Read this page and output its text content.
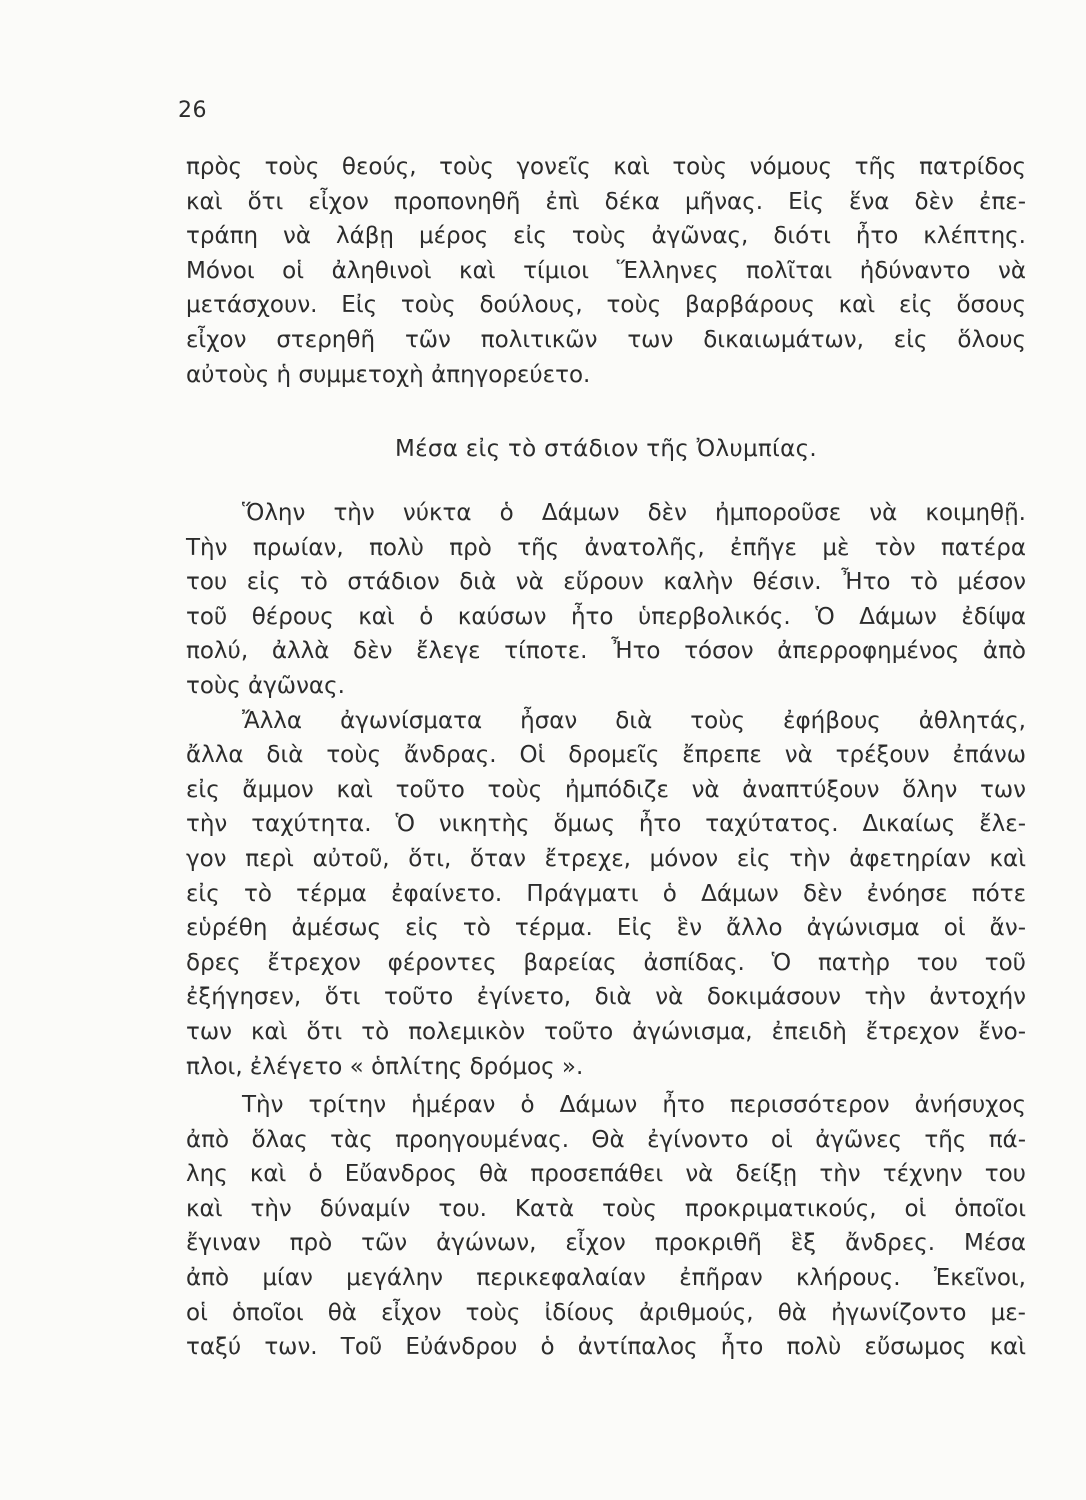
26
πρὸς τοὺς θεούς, τοὺς γονεῖς καὶ τοὺς νόμους τῆς πατρίδος
καὶ ὅτι εἶχον προπονηθῆ ἐπὶ δέκα μῆνας. Εἰς ἕνα δὲν ἐπε-
τράπη νὰ λάβῃ μέρος εἰς τοὺς ἀγῶνας, διότι ἦτο κλέπτης.
Μόνοι οἱ ἀληθινοὶ καὶ τίμιοι Ἕλληνες πολῖται ἠδύναντο νὰ
μετάσχουν. Εἰς τοὺς δούλους, τοὺς βαρβάρους καὶ εἰς ὅσους
εἶχον στερηθῆ τῶν πολιτικῶν των δικαιωμάτων, εἰς ὅλους
αὐτοὺς ἡ συμμετοχὴ ἀπηγορεύετο.
Μέσα εἰς τὸ στάδιον τῆς Ὀλυμπίας.
Ὅλην τὴν νύκτα ὁ Δάμων δὲν ἠμποροῦσε νὰ κοιμηθῇ.
Τὴν πρωίαν, πολὺ πρὸ τῆς ἀνατολῆς, ἐπῆγε μὲ τὸν πατέρα
του εἰς τὸ στάδιον διὰ νὰ εὕρουν καλὴν θέσιν. Ἦτο τὸ μέσον
τοῦ θέρους καὶ ὁ καύσων ἦτο ὑπερβολικός. Ὁ Δάμων ἐδίψα
πολύ, ἀλλὰ δὲν ἔλεγε τίποτε. Ἦτο τόσον ἀπερροφημένος ἀπὸ
τοὺς ἀγῶνας.
Ἄλλα ἀγωνίσματα ἦσαν διὰ τοὺς ἐφήβους ἀθλητάς,
ἄλλα διὰ τοὺς ἄνδρας. Οἱ δρομεῖς ἔπρεπε νὰ τρέξουν ἐπάνω
εἰς ἄμμον καὶ τοῦτο τοὺς ἠμπόδιζε νὰ ἀναπτύξουν ὅλην των
τὴν ταχύτητα. Ὁ νικητὴς ὅμως ἦτο ταχύτατος. Δικαίως ἔλε-
γον περὶ αὐτοῦ, ὅτι, ὅταν ἔτρεχε, μόνον εἰς τὴν ἀφετηρίαν καὶ
εἰς τὸ τέρμα ἐφαίνετο. Πράγματι ὁ Δάμων δὲν ἐνόησε πότε
εὑρέθη ἀμέσως εἰς τὸ τέρμα. Εἰς ἓν ἄλλο ἀγώνισμα οἱ ἄν-
δρες ἔτρεχον φέροντες βαρείας ἀσπίδας. Ὁ πατὴρ του τοῦ
ἐξήγησεν, ὅτι τοῦτο ἐγίνετο, διὰ νὰ δοκιμάσουν τὴν ἀντοχήν
των καὶ ὅτι τὸ πολεμικὸν τοῦτο ἀγώνισμα, ἐπειδὴ ἔτρεχον ἔνο-
πλοι, ἐλέγετο « ὁπλίτης δρόμος ».
Τὴν τρίτην ἡμέραν ὁ Δάμων ἦτο περισσότερον ἀνήσυχος
ἀπὸ ὅλας τὰς προηγουμένας. Θὰ ἐγίνοντο οἱ ἀγῶνες τῆς πά-
λης καὶ ὁ Εὔανδρος θὰ προσεπάθει νὰ δείξῃ τὴν τέχνην του
καὶ τὴν δύναμίν του. Κατὰ τοὺς προκριματικούς, οἱ ὁποῖοι
ἔγιναν πρὸ τῶν ἀγώνων, εἶχον προκριθῆ ἓξ ἄνδρες. Μέσα
ἀπὸ μίαν μεγάλην περικεφαλαίαν ἐπῆραν κλήρους. Ἐκεῖνοι,
οἱ ὁποῖοι θὰ εἶχον τοὺς ἰδίους ἀριθμούς, θὰ ἠγωνίζοντο με-
ταξύ των. Τοῦ Εὐάνδρου ὁ ἀντίπαλος ἦτο πολὺ εὔσωμος καὶ
